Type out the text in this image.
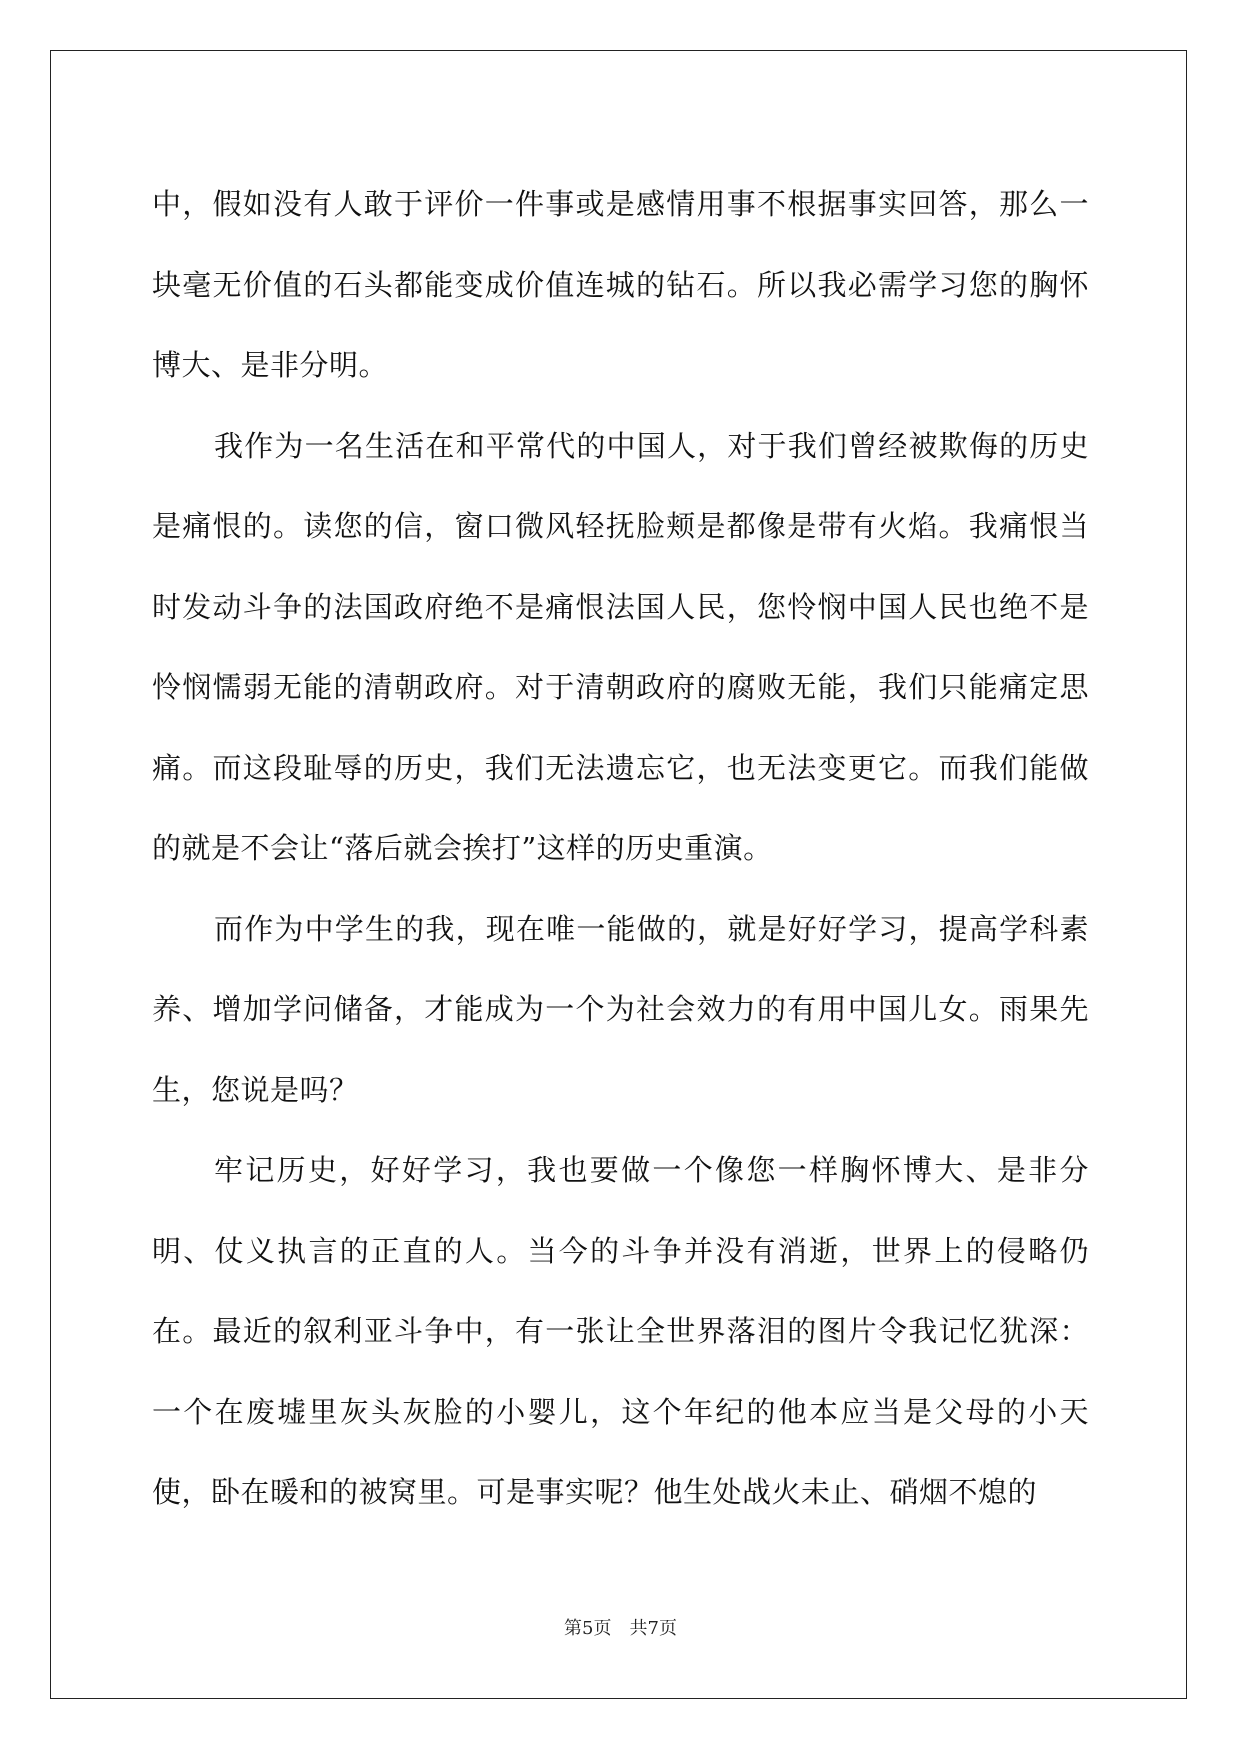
中，假如没有人敢于评价一件事或是感情用事不根据事实回答，那么一块毫无价值的石头都能变成价值连城的钻石。所以我必需学习您的胸怀博大、是非分明。

我作为一名生活在和平常代的中国人，对于我们曾经被欺侮的历史是痛恨的。读您的信，窗口微风轻抚脸颊是都像是带有火焰。我痛恨当时发动斗争的法国政府绝不是痛恨法国人民，您怜悯中国人民也绝不是怜悯懦弱无能的清朝政府。对于清朝政府的腐败无能，我们只能痛定思痛。而这段耻辱的历史，我们无法遗忘它，也无法变更它。而我们能做的就是不会让“落后就会挨打”这样的历史重演。

而作为中学生的我，现在唯一能做的，就是好好学习，提高学科素养、增加学问储备，才能成为一个为社会效力的有用中国儿女。雨果先生，您说是吗？

牢记历史，好好学习，我也要做一个像您一样胸怀博大、是非分明、仗义执言的正直的人。当今的斗争并没有消逝，世界上的侵略仍在。最近的叙利亚斗争中，有一张让全世界落泪的图片令我记忆犹深：一个在废墟里灰头灰脸的小婴儿，这个年纪的他本应当是父母的小天使，卧在暖和的被窝里。可是事实呢？他生处战火未止、硝烟不熄的

第5页 共7页
